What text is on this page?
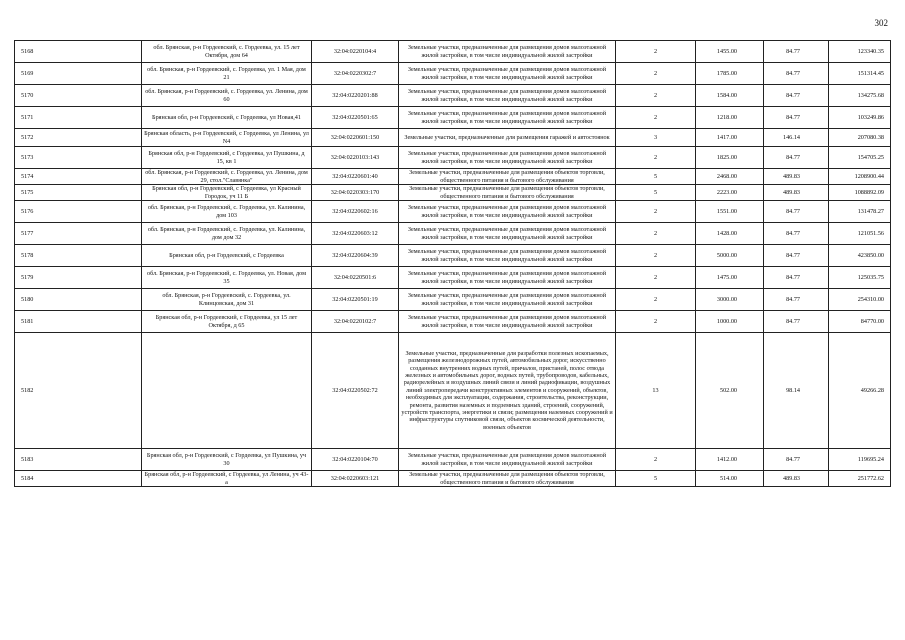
302
5168	обл. Брянская, р-н Гордеевский, с. Гордеевка, ул. 15 лет Октября, дом 64	32:04:0220104:4	Земельные участки, предназначенные для размещения домов малоэтажной жилой застройки, в том числе индивидуальной жилой застройки	2	1455.00	84.77	123340.35
5169	обл. Брянская, р-н Гордеевский, с. Гордеевка, ул. 1 Мая, дом 21	32:04:0220302:7	Земельные участки, предназначенные для размещения домов малоэтажной жилой застройки, в том числе индивидуальной жилой застройки	2	1785.00	84.77	151314.45
5170	обл. Брянская, р-н Гордеевский, с. Гордеевка, ул. Ленина, дом 60	32:04:0220201:88	Земельные участки, предназначенные для размещения домов малоэтажной жилой застройки, в том числе индивидуальной жилой застройки	2	1584.00	84.77	134275.68
5171	Брянская обл, р-н Гордеевский, с Гордеевка, ул Новая,41	32:04:0220501:65	Земельные участки, предназначенные для размещения домов малоэтажной жилой застройки, в том числе индивидуальной жилой застройки	2	1218.00	84.77	103249.86
5172	Брянская область, р-н Гордеевский, с Гордеевка, ул Ленина, ул N4	32:04:0220601:150	Земельные участки, предназначенные для размещения гаражей и автостоянок	3	1417.00	146.14	207080.38
5173	Брянская обл, р-н Гордеевский, с Гордеевка, ул Пушкина, д 15, кв 1	32:04:0220103:143	Земельные участки, предназначенные для размещения домов малоэтажной жилой застройки, в том числе индивидуальной жилой застройки	2	1825.00	84.77	154705.25
5174	обл. Брянская, р-н Гордеевский, с. Гордеевка, ул. Ленина, дом 29, стол."Славянка"	32:04:0220601:40	Земельные участки, предназначенные для размещения объектов торговли, общественного питания и бытового обслуживания	5	2468.00	489.83	1208900.44
5175	Брянская обл, р-н Гордеевский, с Гордеевка, ул Красный Городок, уч 11 Б	32:04:0220303:170	Земельные участки, предназначенные для размещения объектов торговли, общественного питания и бытового обслуживания	5	2223.00	489.83	1088892.09
5176	обл. Брянская, р-н Гордеевский, с. Гордеевка, ул. Калинина, дом 103	32:04:0220602:16	Земельные участки, предназначенные для размещения домов малоэтажной жилой застройки, в том числе индивидуальной жилой застройки	2	1551.00	84.77	131478.27
5177	обл. Брянская, р-н Гордеевский, с. Гордеевка, ул. Калинина, дом дом 32	32:04:0220603:12	Земельные участки, предназначенные для размещения домов малоэтажной жилой застройки, в том числе индивидуальной жилой застройки	2	1428.00	84.77	121051.56
5178	Брянская обл, р-н Гордеевский, с Гордеевка	32:04:0220604:39	Земельные участки, предназначенные для размещения домов малоэтажной жилой застройки, в том числе индивидуальной жилой застройки	2	5000.00	84.77	423850.00
5179	обл. Брянская, р-н Гордеевский, с. Гордеевка, ул. Новая, дом 35	32:04:0220501:6	Земельные участки, предназначенные для размещения домов малоэтажной жилой застройки, в том числе индивидуальной жилой застройки	2	1475.00	84.77	125035.75
5180	обл. Брянская, р-н Гордеевский, с. Гордеевка, ул. Клинцовская, дом 31	32:04:0220501:19	Земельные участки, предназначенные для размещения домов малоэтажной жилой застройки, в том числе индивидуальной жилой застройки	2	3000.00	84.77	254310.00
5181	Брянская обл, р-н Гордеевский, с Гордеевка, ул 15 лет Октября, д 65	32:04:0220102:7	Земельные участки, предназначенные для размещения домов малоэтажной жилой застройки, в том числе индивидуальной жилой застройки	2	1000.00	84.77	84770.00
5182		32:04:0220502:72	Земельные участки, предназначенные для разработки полезных ископаемых, размещения железнодорожных путей, автомобильных дорог, искусственно созданных внутренних водных путей, причалов, пристаней, полос отвода железных и автомобильных дорог, водных путей, трубопроводов, кабельных, радиорелейных и воздушных линий связи и линий радиофикации, воздушных линий электропередачи конструктивных элементов и сооружений, объектов, необходимых для эксплуатации, содержания, строительства, реконструкции, ремонта, развития наземных и подземных зданий, строений, сооружений, устройств транспорта, энергетики и связи; размещения наземных сооружений и инфраструктуры спутниковой связи, объектов космической деятельности, военных объектов	13	502.00	98.14	49266.28
5183	Брянская обл, р-н Гордеевский, с Гордеевка, ул Пушкина, уч 30	32:04:0220104:70	Земельные участки, предназначенные для размещения домов малоэтажной жилой застройки, в том числе индивидуальной жилой застройки	2	1412.00	84.77	119695.24
5184	Брянская обл, р-н Гордеевский, с Гордеевка, ул Ленина, уч 43-а	32:04:0220603:121	Земельные участки, предназначенные для размещения объектов торговли, общественного питания и бытового обслуживания	5	514.00	489.83	251772.62
